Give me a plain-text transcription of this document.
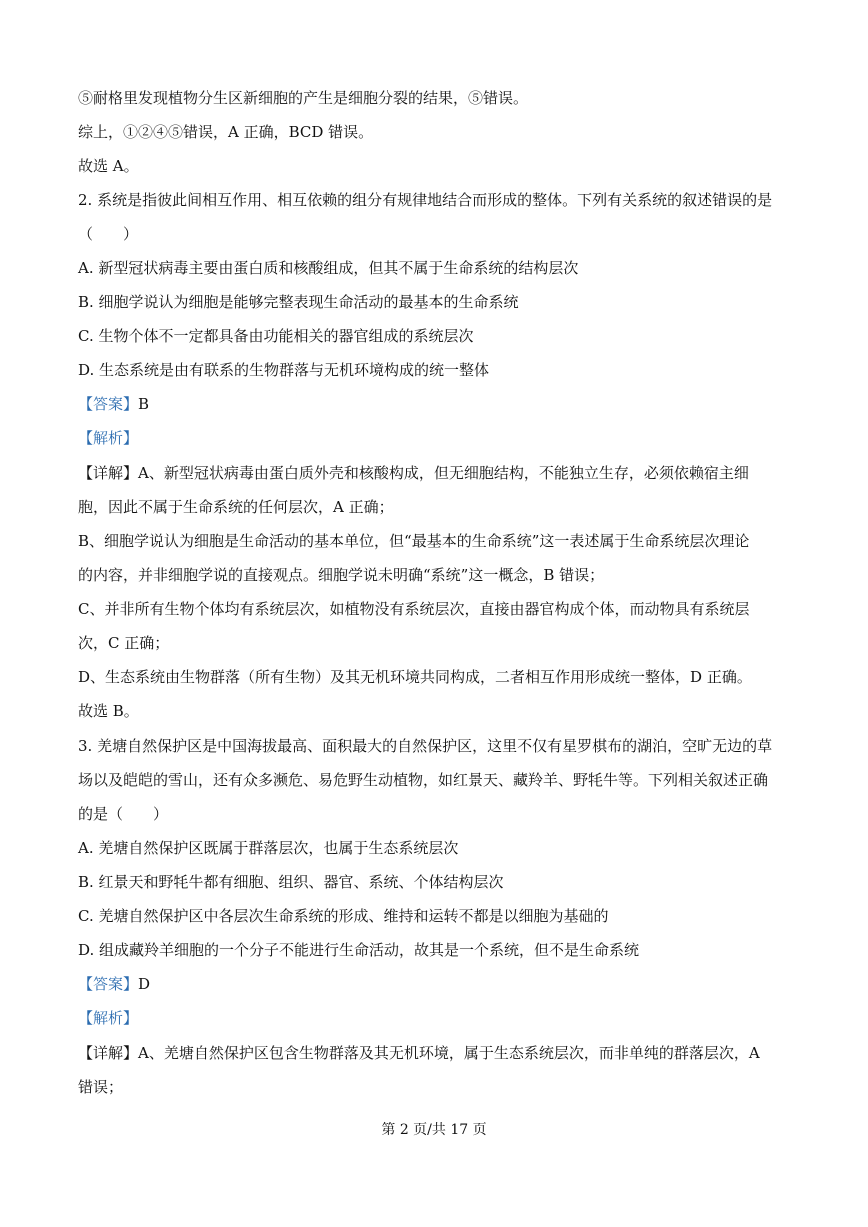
⑤耐格里发现植物分生区新细胞的产生是细胞分裂的结果，⑤错误。
综上，①②④⑤错误，A 正确，BCD 错误。
故选 A。
2. 系统是指彼此间相互作用、相互依赖的组分有规律地结合而形成的整体。下列有关系统的叙述错误的是
（　　）
A. 新型冠状病毒主要由蛋白质和核酸组成，但其不属于生命系统的结构层次
B. 细胞学说认为细胞是能够完整表现生命活动的最基本的生命系统
C. 生物个体不一定都具备由功能相关的器官组成的系统层次
D. 生态系统是由有联系的生物群落与无机环境构成的统一整体
【答案】B
【解析】
【详解】A、新型冠状病毒由蛋白质外壳和核酸构成，但无细胞结构，不能独立生存，必须依赖宿主细
胞，因此不属于生命系统的任何层次，A 正确；
B、细胞学说认为细胞是生命活动的基本单位，但“最基本的生命系统”这一表述属于生命系统层次理论
的内容，并非细胞学说的直接观点。细胞学说未明确“系统”这一概念，B 错误；
C、并非所有生物个体均有系统层次，如植物没有系统层次，直接由器官构成个体，而动物具有系统层
次，C 正确；
D、生态系统由生物群落（所有生物）及其无机环境共同构成，二者相互作用形成统一整体，D 正确。
故选 B。
3. 羌塘自然保护区是中国海拔最高、面积最大的自然保护区，这里不仅有星罗棋布的湖泊，空旷无边的草
场以及皑皑的雪山，还有众多濒危、易危野生动植物，如红景天、藏羚羊、野牦牛等。下列相关叙述正确
的是（　　）
A. 羌塘自然保护区既属于群落层次，也属于生态系统层次
B. 红景天和野牦牛都有细胞、组织、器官、系统、个体结构层次
C. 羌塘自然保护区中各层次生命系统的形成、维持和运转不都是以细胞为基础的
D. 组成藏羚羊细胞的一个分子不能进行生命活动，故其是一个系统，但不是生命系统
【答案】D
【解析】
【详解】A、羌塘自然保护区包含生物群落及其无机环境，属于生态系统层次，而非单纯的群落层次，A
错误；
第 2 页/共 17 页
